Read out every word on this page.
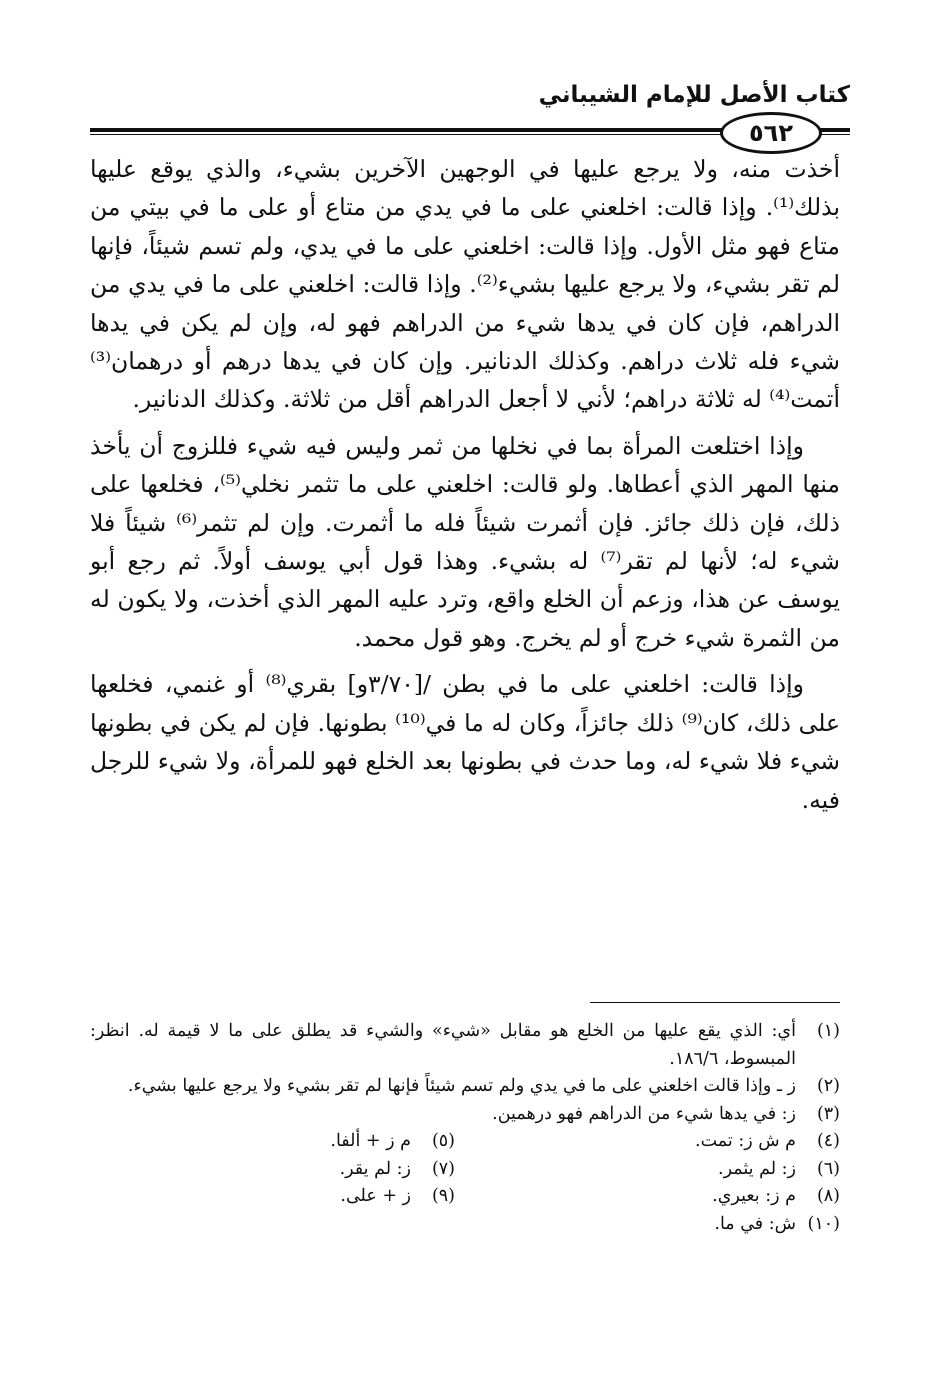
كتاب الأصل للإمام الشيباني
٥٦٢

أخذت منه، ولا يرجع عليها في الوجهين الآخرين بشيء، والذي يوقع عليها بذلك⁽¹⁾. وإذا قالت: اخلعني على ما في يدي من متاع أو على ما في بيتي من متاع فهو مثل الأول. وإذا قالت: اخلعني على ما في يدي، ولم تسم شيئاً، فإنها لم تقر بشيء، ولا يرجع عليها بشيء⁽²⁾. وإذا قالت: اخلعني على ما في يدي من الدراهم، فإن كان في يدها شيء من الدراهم فهو له، وإن لم يكن في يدها شيء فله ثلاث دراهم. وكذلك الدنانير. وإن كان في يدها درهم أو درهمان⁽³⁾ أتمت⁽⁴⁾ له ثلاثة دراهم؛ لأني لا أجعل الدراهم أقل من ثلاثة. وكذلك الدنانير.

وإذا اختلعت المرأة بما في نخلها من ثمر وليس فيه شيء فللزوج أن يأخذ منها المهر الذي أعطاها. ولو قالت: اخلعني على ما تثمر نخلي⁽⁵⁾، فخلعها على ذلك، فإن ذلك جائز. فإن أثمرت شيئاً فله ما أثمرت. وإن لم تثمر⁽⁶⁾ شيئاً فلا شيء له؛ لأنها لم تقر⁽⁷⁾ له بشيء. وهذا قول أبي يوسف أولاً. ثم رجع أبو يوسف عن هذا، وزعم أن الخلع واقع، وترد عليه المهر الذي أخذت، ولا يكون له من الثمرة شيء خرج أو لم يخرج. وهو قول محمد.

وإذا قالت: اخلعني على ما في بطن /[٣/٧٠و] بقري⁽⁸⁾ أو غنمي، فخلعها على ذلك، كان⁽⁹⁾ ذلك جائزاً، وكان له ما في⁽¹⁰⁾ بطونها. فإن لم يكن في بطونها شيء فلا شيء له، وما حدث في بطونها بعد الخلع فهو للمرأة، ولا شيء للرجل فيه.

(١)
أي: الذي يقع عليها من الخلع هو مقابل «شيء» والشيء قد يطلق على ما لا قيمة له. انظر: المبسوط، ١٨٦/٦.
(٢)
ز ـ وإذا قالت اخلعني على ما في يدي ولم تسم شيئاً فإنها لم تقر بشيء ولا يرجع عليها بشيء.
(٣)
ز: في يدها شيء من الدراهم فهو درهمين.
(٤)
م ش ز: تمت.
(٥)
م ز + ألفا.
(٦)
ز: لم يثمر.
(٧)
ز: لم يقر.
(٨)
م ز: بعيري.
(٩)
ز + على.
(١٠)
ش: في ما.
